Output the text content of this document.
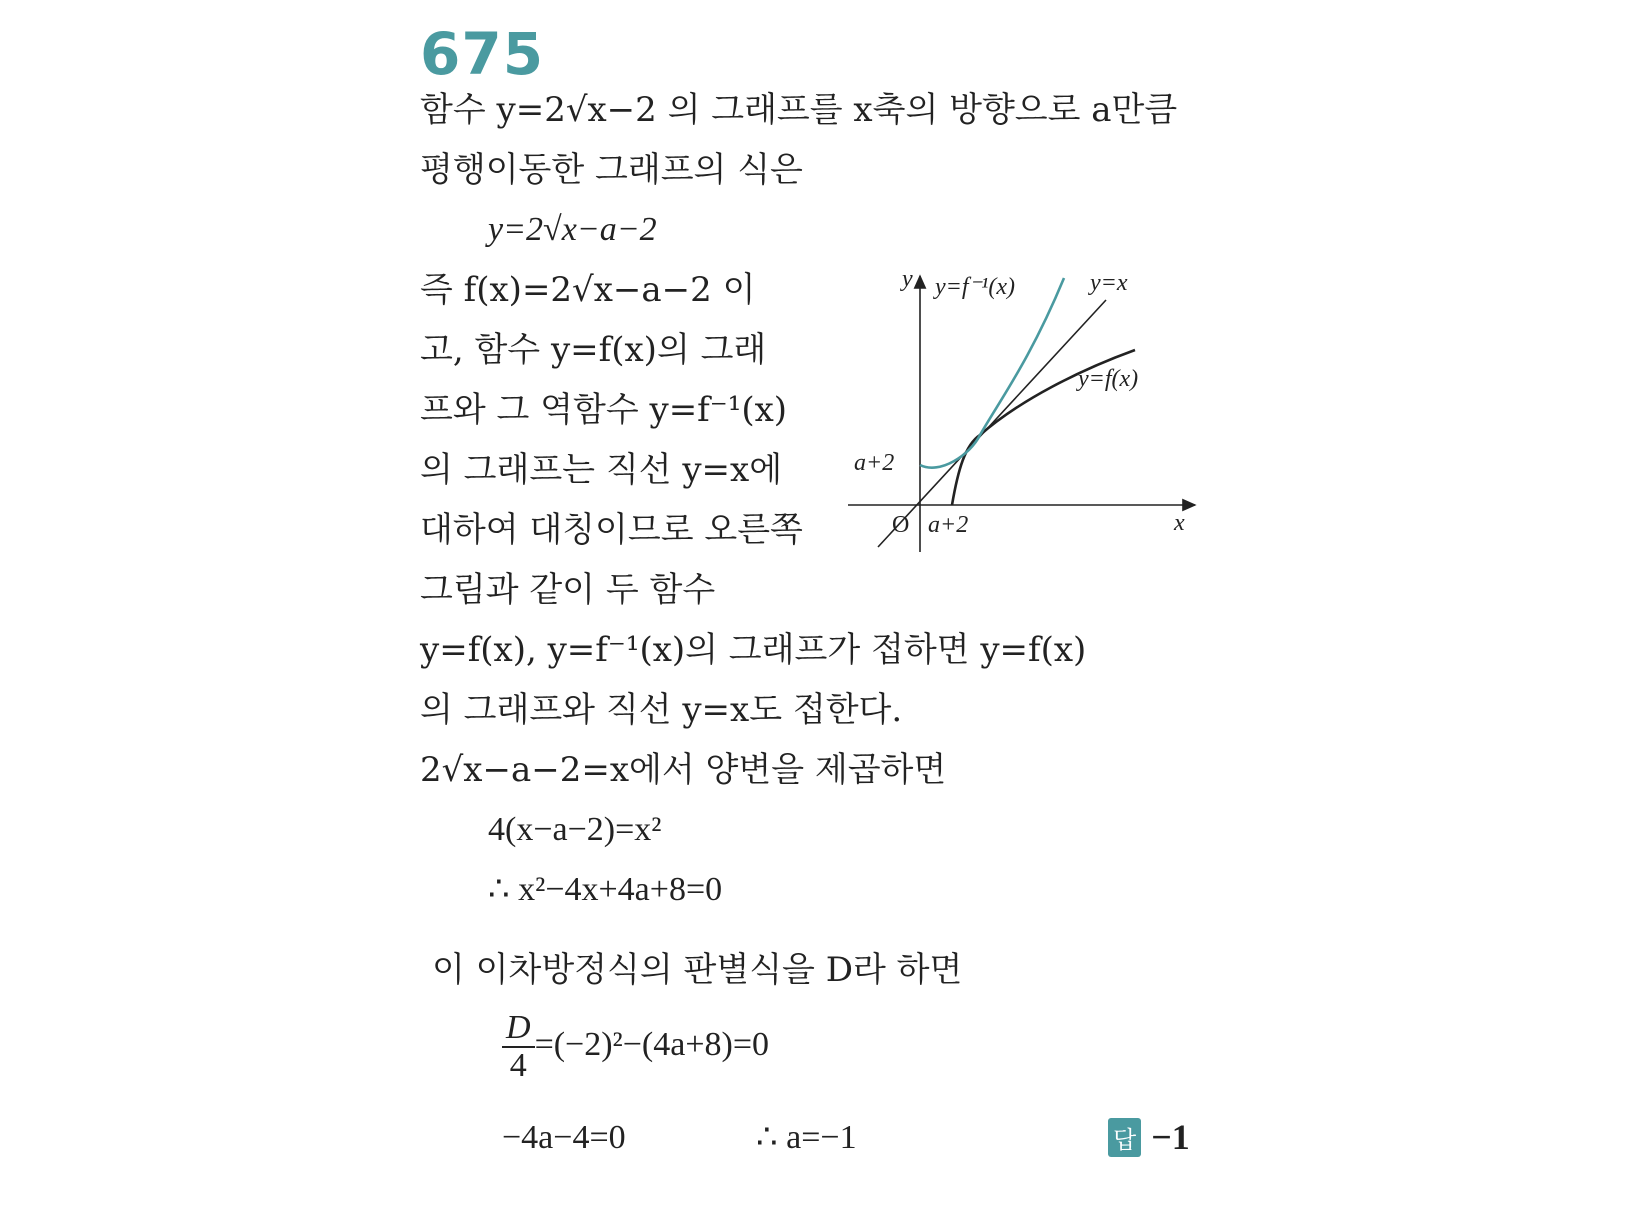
675
함수 y=2√x−2 의 그래프를 x축의 방향으로 a만큼
평행이동한 그래프의 식은
y=2√x−a−2
즉 f(x)=2√x−a−2 이
고, 함수 y=f(x)의 그래
프와 그 역함수 y=f⁻¹(x)
의 그래프는 직선 y=x에
대하여 대칭이므로 오른쪽
그림과 같이 두 함수
y=f(x), y=f⁻¹(x)의 그래프가 접하면 y=f(x)
의 그래프와 직선 y=x도 접한다.
2√x−a−2=x에서 양변을 제곱하면
4(x−a−2)=x²
∴ x²−4x+4a+8=0
이 이차방정식의 판별식을 D라 하면
$\frac{D}{4} =(-2)^2-(4a+8)=0$
−4a−4=0	∴ a=−1	답 −1
y
x
O
y=f⁻¹(x)	y=x
y=f(x)
a+2
a+2
